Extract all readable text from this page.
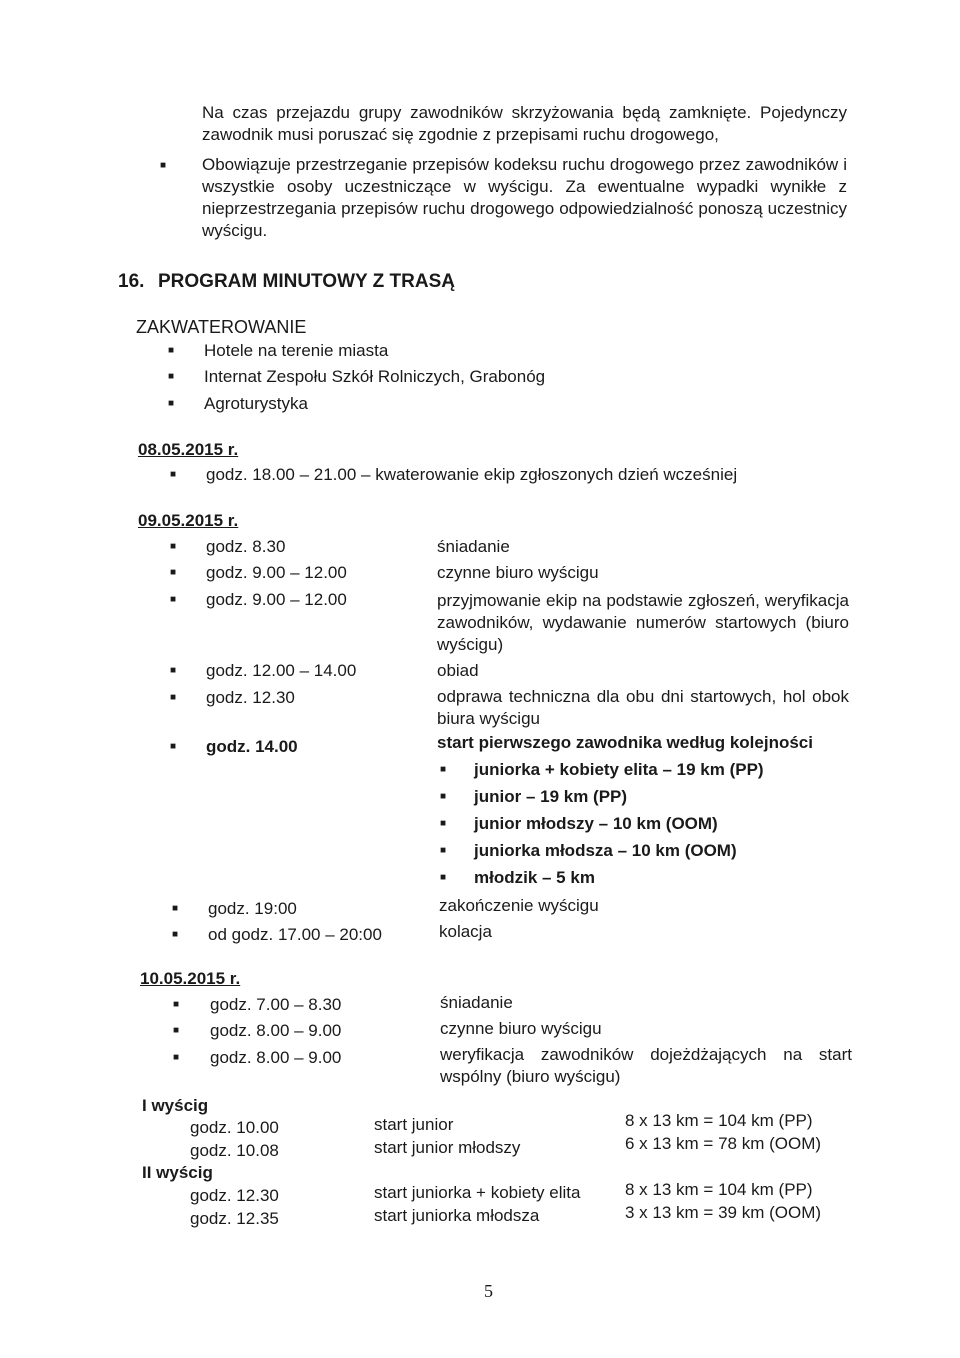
Na czas przejazdu grupy zawodników skrzyżowania będą zamknięte. Pojedynczy zawodnik musi poruszać się zgodnie z przepisami ruchu drogowego,
■ Obowiązuje przestrzeganie przepisów kodeksu ruchu drogowego przez zawodników i wszystkie osoby uczestniczące w wyścigu. Za ewentualne wypadki wynikłe z nieprzestrzegania przepisów ruchu drogowego odpowiedzialność ponoszą uczestnicy wyścigu.
16. PROGRAM MINUTOWY Z TRASĄ
ZAKWATEROWANIE
■ Hotele na terenie miasta
■ Internat Zespołu Szkół Rolniczych, Grabonóg
■ Agroturystyka
08.05.2015 r.
■ godz. 18.00 – 21.00 – kwaterowanie ekip zgłoszonych dzień wcześniej
09.05.2015 r.
■ godz. 8.30	śniadanie
■ godz. 9.00 – 12.00	czynne biuro wyścigu
■ godz. 9.00 – 12.00	przyjmowanie ekip na podstawie zgłoszeń, weryfikacja zawodników, wydawanie numerów startowych (biuro wyścigu)
■ godz. 12.00 – 14.00	obiad
■ godz. 12.30	odprawa techniczna dla obu dni startowych, hol obok biura wyścigu
■ godz. 14.00	start pierwszego zawodnika według kolejności
■ juniorka + kobiety elita – 19 km (PP)
■ junior – 19 km (PP)
■ junior młodszy – 10 km (OOM)
■ juniorka młodsza – 10 km (OOM)
■ młodzik – 5 km
■ godz. 19:00	zakończenie wyścigu
■ od godz. 17.00 – 20:00	kolacja
10.05.2015 r.
■ godz. 7.00 – 8.30	śniadanie
■ godz. 8.00 – 9.00	czynne biuro wyścigu
■ godz. 8.00 – 9.00	weryfikacja zawodników dojeżdżających na start wspólny (biuro wyścigu)
I wyścig
godz. 10.00	start junior	8 x 13 km = 104 km (PP)
godz. 10.08	start junior młodszy	6 x 13 km = 78 km (OOM)
II wyścig
godz. 12.30	start juniorka + kobiety elita	8 x 13 km = 104 km (PP)
godz. 12.35	start juniorka młodsza	3 x 13 km = 39 km (OOM)
5
